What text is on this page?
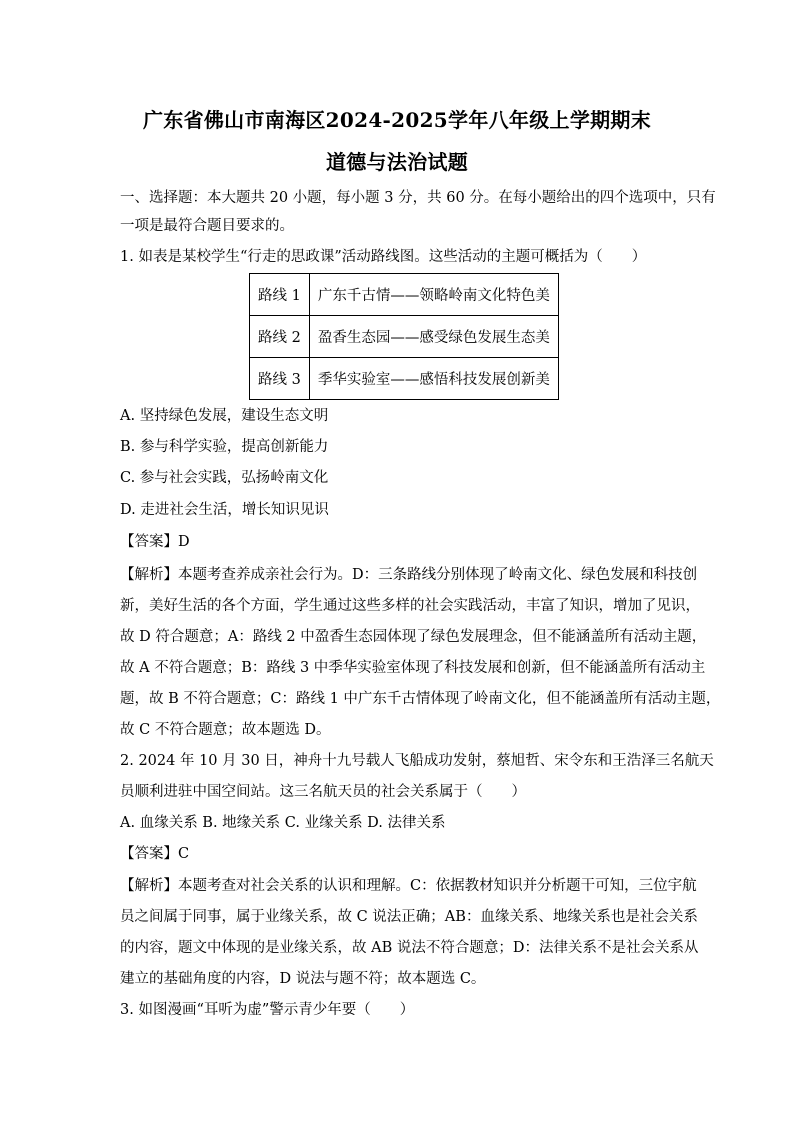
广东省佛山市南海区2024-2025学年八年级上学期期末
道德与法治试题
一、选择题：本大题共 20 小题，每小题 3 分，共 60 分。在每小题给出的四个选项中，只有
一项是最符合题目要求的。
1. 如表是某校学生“行走的思政课”活动路线图。这些活动的主题可概括为（　　）
路线 1	广东千古情——领略岭南文化特色美
路线 2	盈香生态园——感受绿色发展生态美
路线 3	季华实验室——感悟科技发展创新美
A. 坚持绿色发展，建设生态文明
B. 参与科学实验，提高创新能力
C. 参与社会实践，弘扬岭南文化
D. 走进社会生活，增长知识见识
【答案】D
【解析】本题考查养成亲社会行为。D：三条路线分别体现了岭南文化、绿色发展和科技创
新，美好生活的各个方面，学生通过这些多样的社会实践活动，丰富了知识，增加了见识，
故 D 符合题意；A：路线 2 中盈香生态园体现了绿色发展理念，但不能涵盖所有活动主题，
故 A 不符合题意；B：路线 3 中季华实验室体现了科技发展和创新，但不能涵盖所有活动主
题，故 B 不符合题意；C：路线 1 中广东千古情体现了岭南文化，但不能涵盖所有活动主题，
故 C 不符合题意；故本题选 D。
2. 2024 年 10 月 30 日，神舟十九号载人飞船成功发射，蔡旭哲、宋令东和王浩泽三名航天
员顺利进驻中国空间站。这三名航天员的社会关系属于（　　）
A. 血缘关系 B. 地缘关系 C. 业缘关系 D. 法律关系
【答案】C
【解析】本题考查对社会关系的认识和理解。C：依据教材知识并分析题干可知，三位宇航
员之间属于同事，属于业缘关系，故 C 说法正确；AB：血缘关系、地缘关系也是社会关系
的内容，题文中体现的是业缘关系，故 AB 说法不符合题意；D：法律关系不是社会关系从
建立的基础角度的内容，D 说法与题不符；故本题选 C。
3. 如图漫画“耳听为虚”警示青少年要（　　）
